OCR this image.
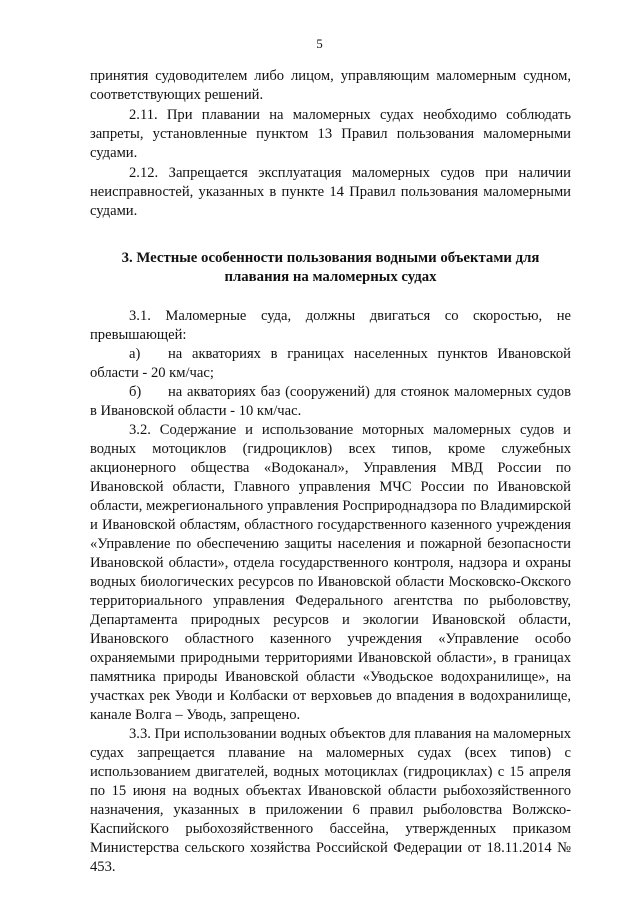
5

принятия судоводителем либо лицом, управляющим маломерным судном, соответствующих решений.

2.11. При плавании на маломерных судах необходимо соблюдать запреты, установленные пунктом 13 Правил пользования маломерными судами.

2.12. Запрещается эксплуатация маломерных судов при наличии неисправностей, указанных в пункте 14 Правил пользования маломерными судами.

3. Местные особенности пользования водными объектами для плавания на маломерных судах

3.1. Маломерные суда, должны двигаться со скоростью, не превышающей:

а) на акваториях в границах населенных пунктов Ивановской области - 20 км/час;

б) на акваториях баз (сооружений) для стоянок маломерных судов в Ивановской области - 10 км/час.

3.2. Содержание и использование моторных маломерных судов и водных мотоциклов (гидроциклов) всех типов, кроме служебных акционерного общества «Водоканал», Управления МВД России по Ивановской области, Главного управления МЧС России по Ивановской области, межрегионального управления Росприроднадзора по Владимирской и Ивановской областям, областного государственного казенного учреждения «Управление по обеспечению защиты населения и пожарной безопасности Ивановской области», отдела государственного контроля, надзора и охраны водных биологических ресурсов по Ивановской области Московско-Окского территориального управления Федерального агентства по рыболовству, Департамента природных ресурсов и экологии Ивановской области, Ивановского областного казенного учреждения «Управление особо охраняемыми природными территориями Ивановской области», в границах памятника природы Ивановской области «Уводьское водохранилище», на участках рек Уводи и Колбаски от верховьев до впадения в водохранилище, канале Волга – Уводь, запрещено.

3.3. При использовании водных объектов для плавания на маломерных судах запрещается плавание на маломерных судах (всех типов) с использованием двигателей, водных мотоциклах (гидроциклах) с 15 апреля по 15 июня на водных объектах Ивановской области рыбохозяйственного назначения, указанных в приложении 6 правил рыболовства Волжско-Каспийского рыбохозяйственного бассейна, утвержденных приказом Министерства сельского хозяйства Российской Федерации от 18.11.2014 № 453.
